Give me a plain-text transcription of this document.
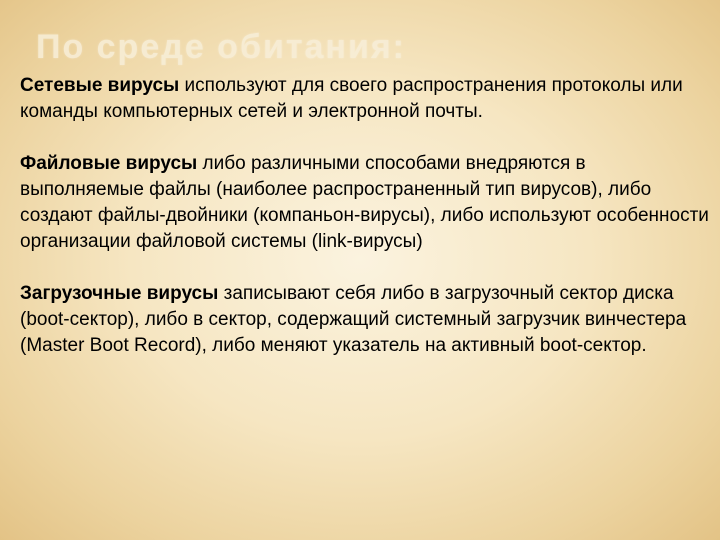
По среде обитания:

Сетевые вирусы используют для своего распространения протоколы или команды компьютерных сетей и электронной почты.

Файловые вирусы либо различными способами внедряются в выполняемые файлы (наиболее распространенный тип вирусов), либо создают файлы-двойники (компаньон-вирусы), либо используют особенности организации файловой системы (link-вирусы)

Загрузочные вирусы записывают себя либо в загрузочный сектор диска (boot-сектор), либо в сектор, содержащий системный загрузчик винчестера (Master Boot Record), либо меняют указатель на активный boot-сектор.
